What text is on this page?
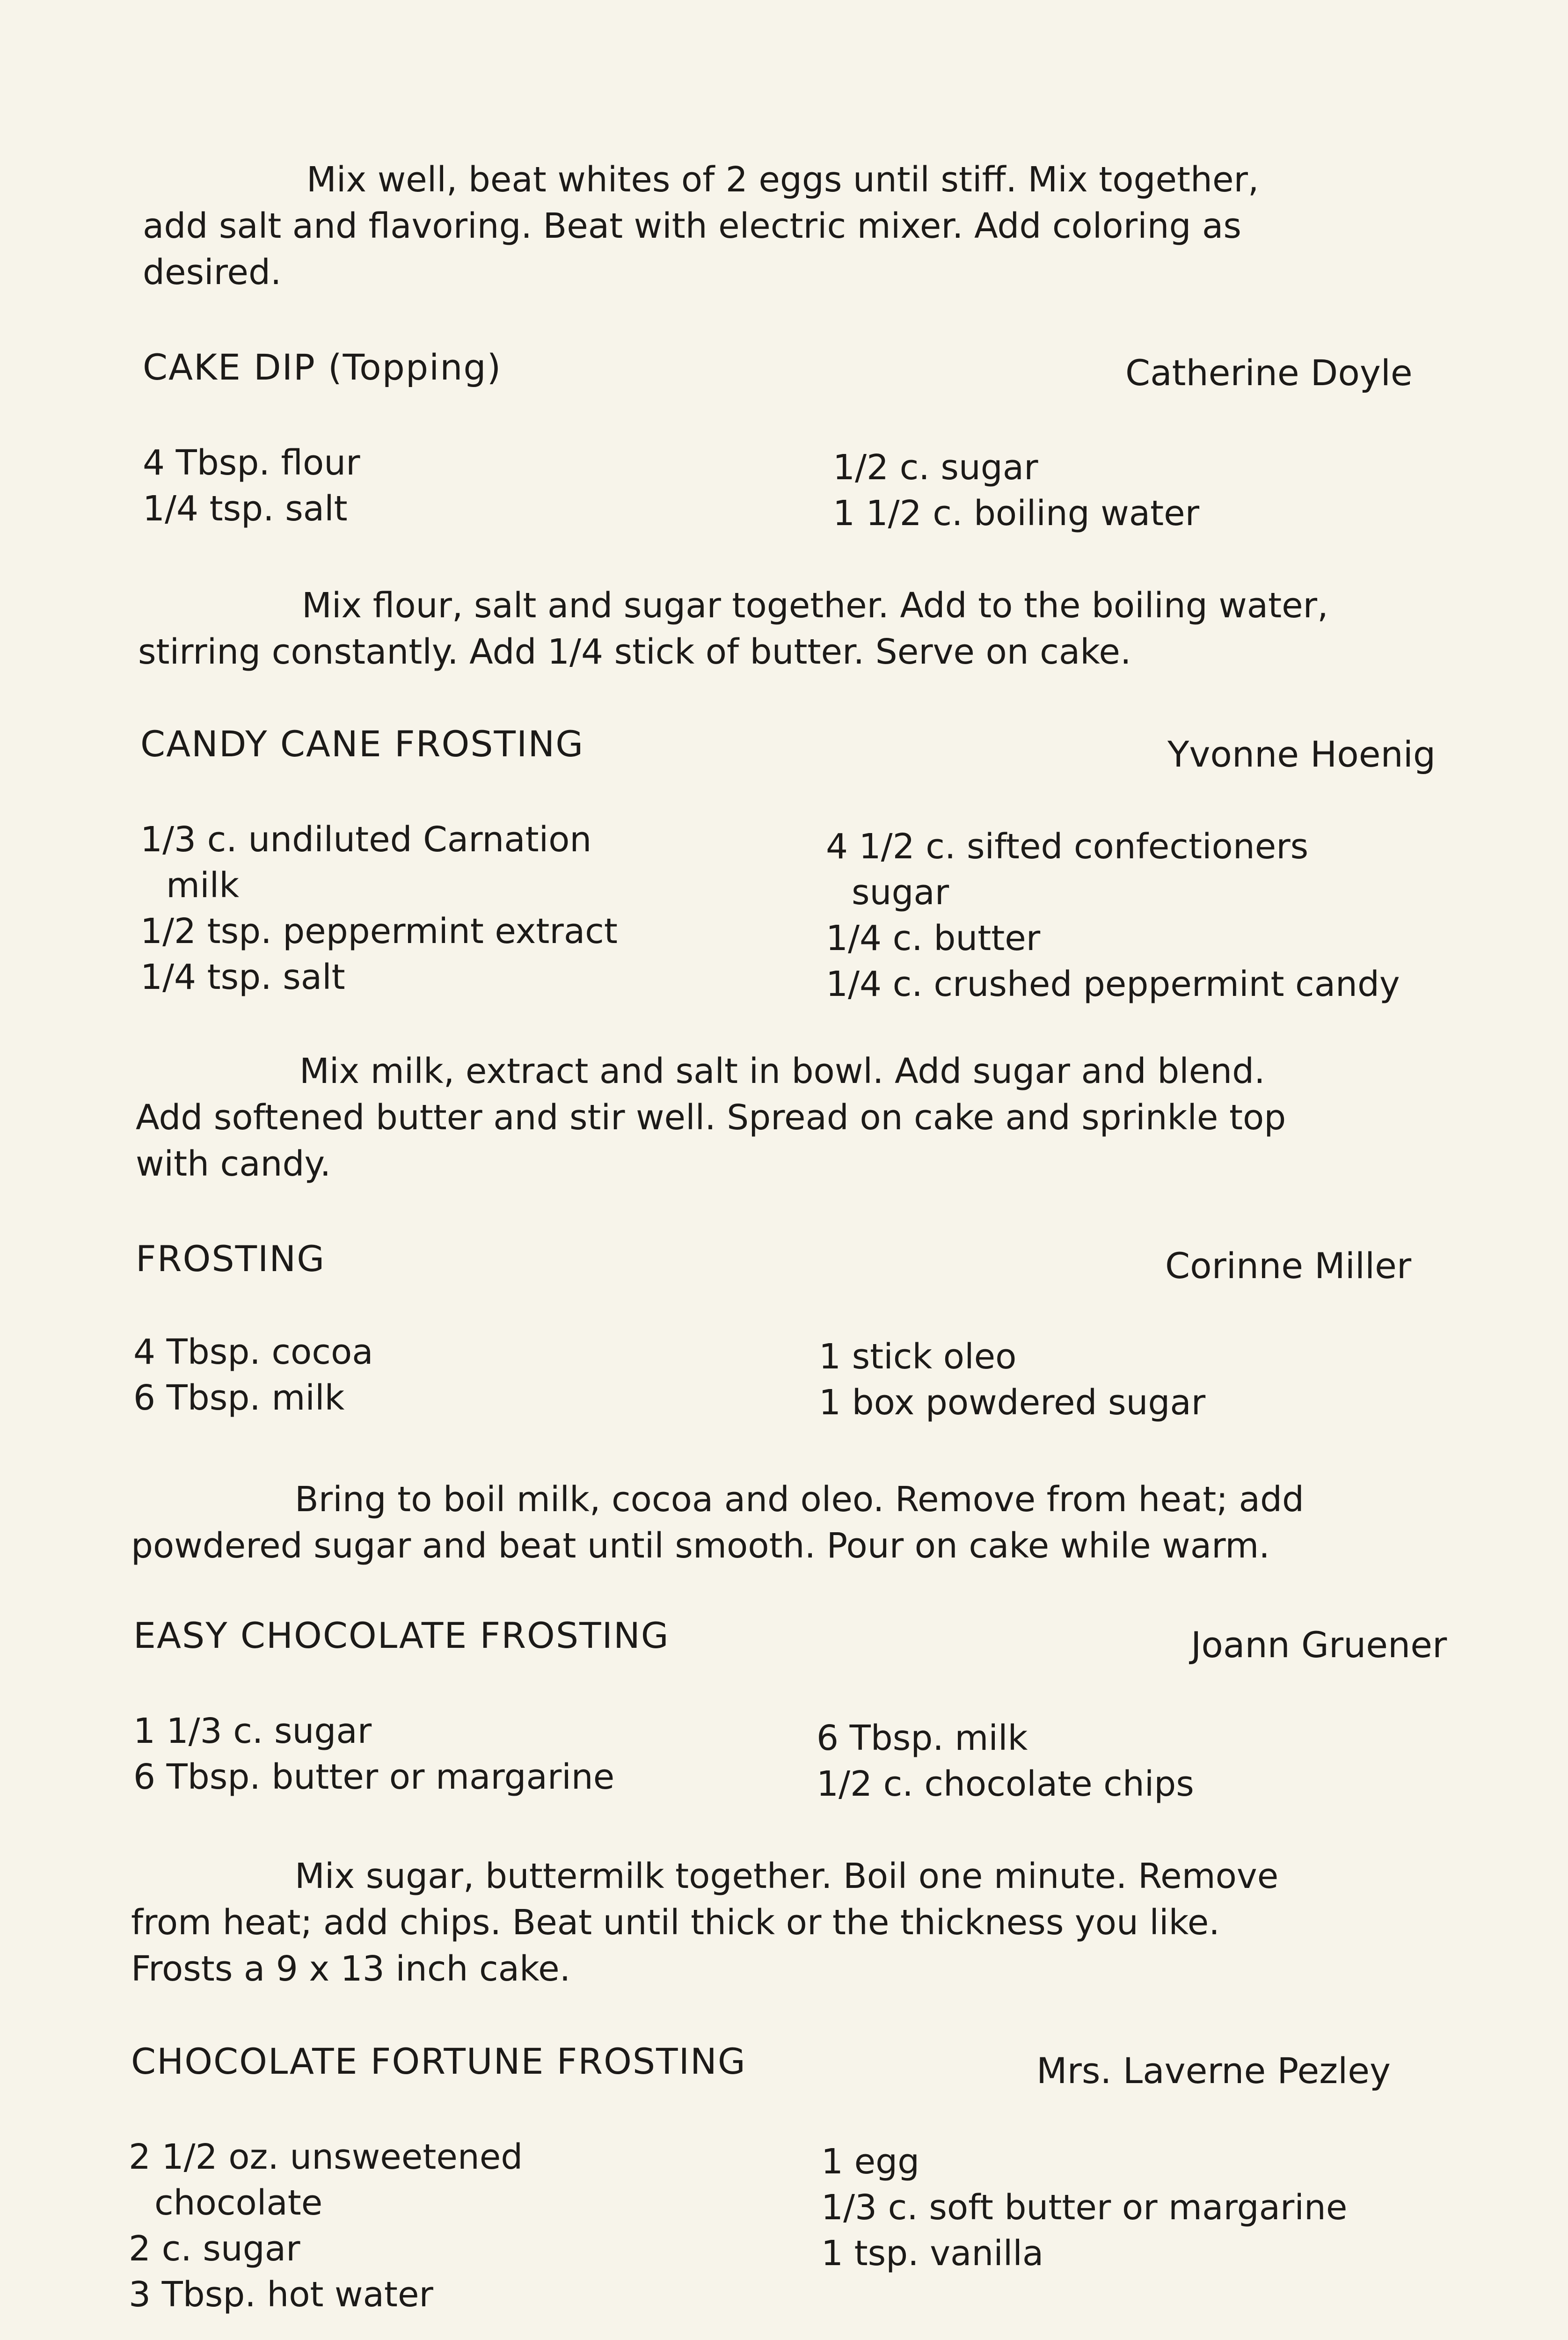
Mix well, beat whites of 2 eggs until stiff. Mix together,
add salt and flavoring. Beat with electric mixer. Add coloring as
desired.
CAKE DIP (Topping)	Catherine Doyle
4 Tbsp. flour
1/4 tsp. salt
1/2 c. sugar
1 1/2 c. boiling water
Mix flour, salt and sugar together. Add to the boiling water,
stirring constantly. Add 1/4 stick of butter. Serve on cake.
CANDY CANE FROSTING	Yvonne Hoenig
1/3 c. undiluted Carnation
milk
1/2 tsp. peppermint extract
1/4 tsp. salt
4 1/2 c. sifted confectioners
sugar
1/4 c. butter
1/4 c. crushed peppermint candy
Mix milk, extract and salt in bowl. Add sugar and blend.
Add softened butter and stir well. Spread on cake and sprinkle top
with candy.
FROSTING	Corinne Miller
4 Tbsp. cocoa
6 Tbsp. milk
1 stick oleo
1 box powdered sugar
Bring to boil milk, cocoa and oleo. Remove from heat; add
powdered sugar and beat until smooth. Pour on cake while warm.
EASY CHOCOLATE FROSTING	Joann Gruener
1 1/3 c. sugar
6 Tbsp. butter or margarine
6 Tbsp. milk
1/2 c. chocolate chips
Mix sugar, buttermilk together. Boil one minute. Remove
from heat; add chips. Beat until thick or the thickness you like.
Frosts a 9 x 13 inch cake.
CHOCOLATE FORTUNE FROSTING	Mrs. Laverne Pezley
2 1/2 oz. unsweetened
chocolate
2 c. sugar
3 Tbsp. hot water
1 egg
1/3 c. soft butter or margarine
1 tsp. vanilla
